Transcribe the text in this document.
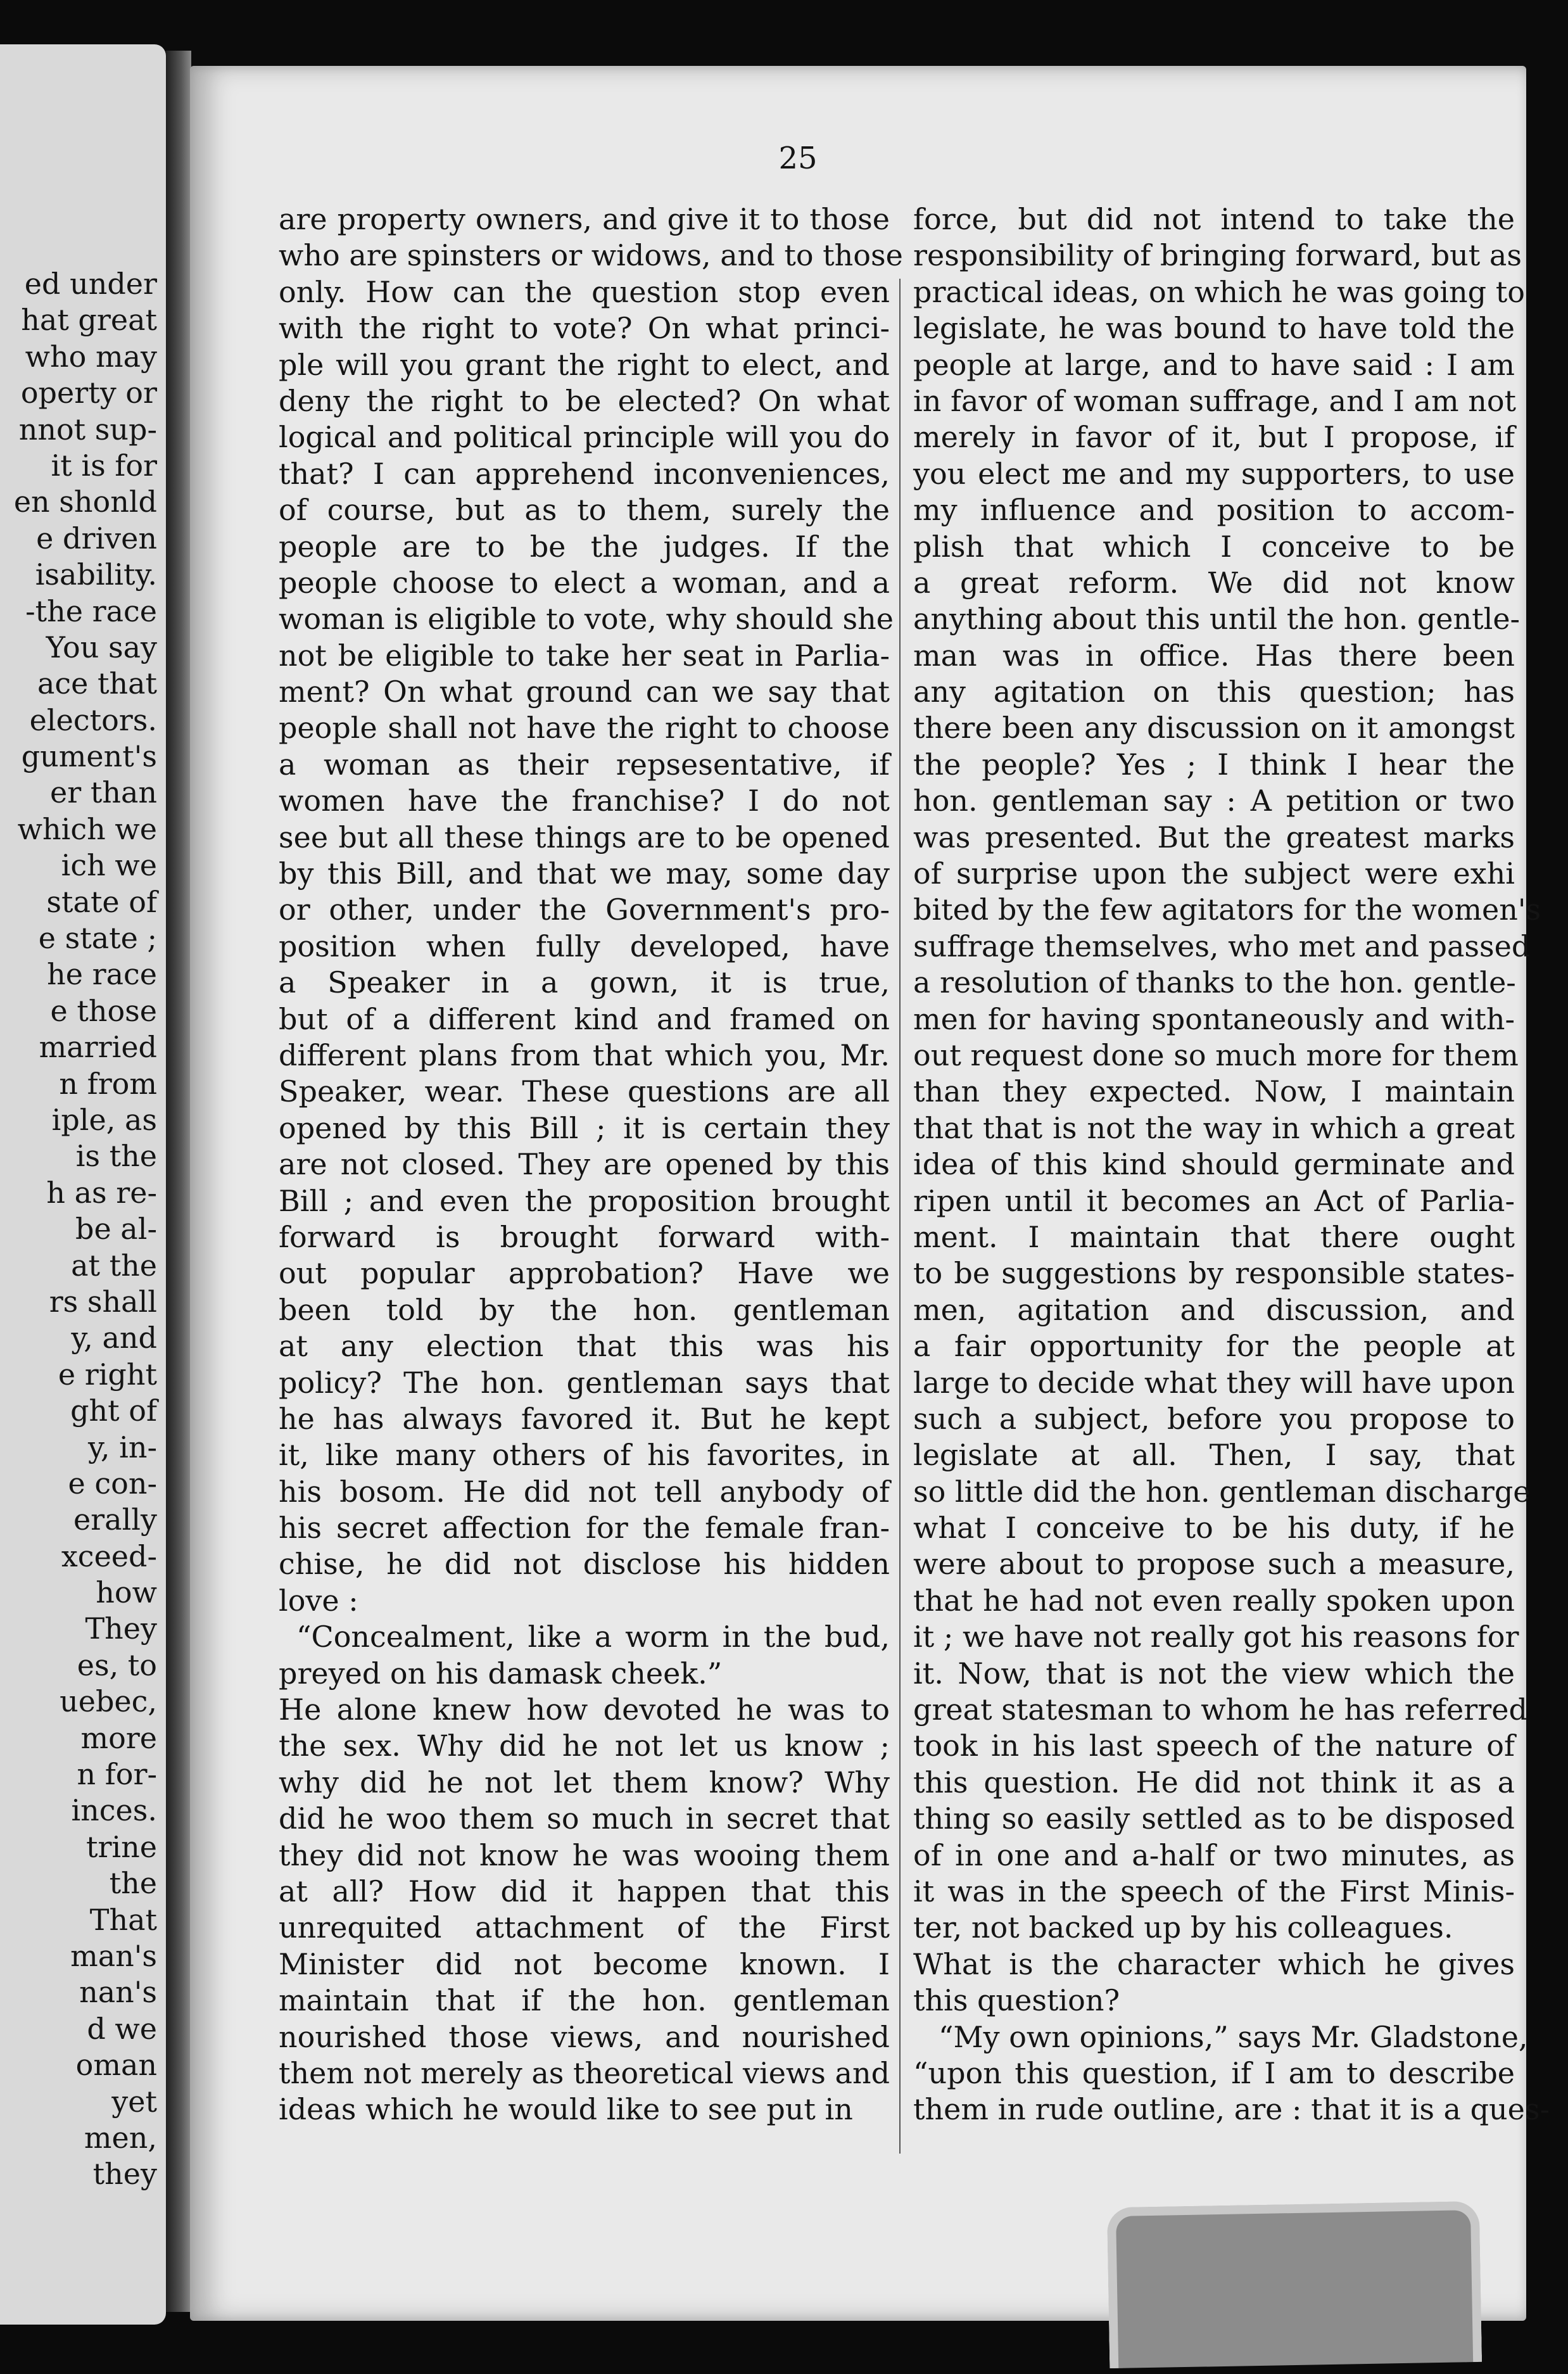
ed under
hat great
who may
operty or
nnot sup-
it is for
en shonld
e driven
isability.
-the race
You say
ace that
electors.
gument's
er than
which we
ich we
state of
e state ;
he race
e those
married
n from
iple, as
is the
h as re-
be al-
at the
rs shall
y, and
e right
ght of
y, in-
e con-
erally
xceed-
how
They
es, to
uebec,
more
n for-
inces.
trine
the
That
man's
nan's
d we
oman
yet
men,
they
25
are property owners, and give it to those
who are spinsters or widows, and to those
only. How can the question stop even
with the right to vote? On what princi-
ple will you grant the right to elect, and
deny the right to be elected? On what
logical and political principle will you do
that? I can apprehend inconveniences,
of course, but as to them, surely the
people are to be the judges. If the
people choose to elect a woman, and a
woman is eligible to vote, why should she
not be eligible to take her seat in Parlia-
ment? On what ground can we say that
people shall not have the right to choose
a woman as their repsesentative, if
women have the franchise? I do not
see but all these things are to be opened
by this Bill, and that we may, some day
or other, under the Government's pro-
position when fully developed, have
a Speaker in a gown, it is true,
but of a different kind and framed on
different plans from that which you, Mr.
Speaker, wear. These questions are all
opened by this Bill ; it is certain they
are not closed. They are opened by this
Bill ; and even the proposition brought
forward is brought forward with-
out popular approbation? Have we
been told by the hon. gentleman
at any election that this was his
policy? The hon. gentleman says that
he has always favored it. But he kept
it, like many others of his favorites, in
his bosom. He did not tell anybody of
his secret affection for the female fran-
chise, he did not disclose his hidden
love :
“Concealment, like a worm in the bud,
preyed on his damask cheek.”
He alone knew how devoted he was to
the sex. Why did he not let us know ;
why did he not let them know? Why
did he woo them so much in secret that
they did not know he was wooing them
at all? How did it happen that this
unrequited attachment of the First
Minister did not become known. I
maintain that if the hon. gentleman
nourished those views, and nourished
them not merely as theoretical views and
ideas which he would like to see put in
force, but did not intend to take the
responsibility of bringing forward, but as
practical ideas, on which he was going to
legislate, he was bound to have told the
people at large, and to have said : I am
in favor of woman suffrage, and I am not
merely in favor of it, but I propose, if
you elect me and my supporters, to use
my influence and position to accom-
plish that which I conceive to be
a great reform. We did not know
anything about this until the hon. gentle-
man was in office. Has there been
any agitation on this question; has
there been any discussion on it amongst
the people? Yes ; I think I hear the
hon. gentleman say : A petition or two
was presented. But the greatest marks
of surprise upon the subject were exhi
bited by the few agitators for the women's
suffrage themselves, who met and passed
a resolution of thanks to the hon. gentle-
men for having spontaneously and with-
out request done so much more for them
than they expected. Now, I maintain
that that is not the way in which a great
idea of this kind should germinate and
ripen until it becomes an Act of Parlia-
ment. I maintain that there ought
to be suggestions by responsible states-
men, agitation and discussion, and
a fair opportunity for the people at
large to decide what they will have upon
such a subject, before you propose to
legislate at all. Then, I say, that
so little did the hon. gentleman discharge
what I conceive to be his duty, if he
were about to propose such a measure,
that he had not even really spoken upon
it ; we have not really got his reasons for
it. Now, that is not the view which the
great statesman to whom he has referred
took in his last speech of the nature of
this question. He did not think it as a
thing so easily settled as to be disposed
of in one and a-half or two minutes, as
it was in the speech of the First Minis-
ter, not backed up by his colleagues.
What is the character which he gives
this question?
“My own opinions,” says Mr. Gladstone,
“upon this question, if I am to describe
them in rude outline, are : that it is a ques-
